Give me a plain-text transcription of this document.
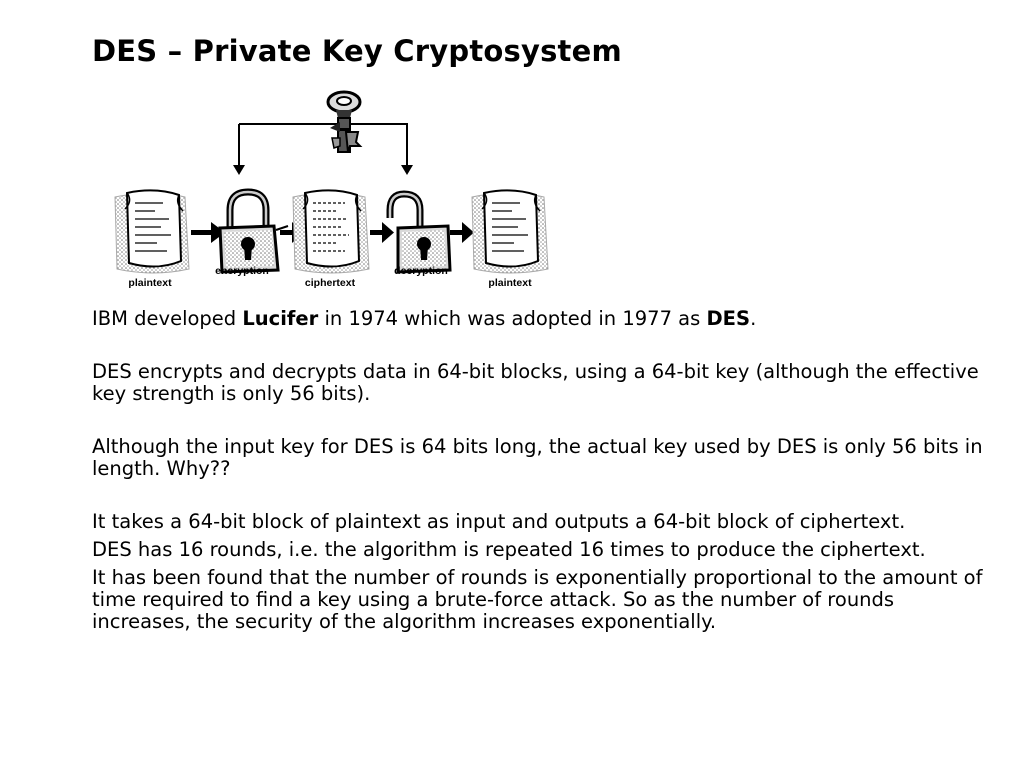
DES – Private Key Cryptosystem
plaintext
encryption
ciphertext
decryption
plaintext

IBM developed Lucifer in 1974 which was adopted in 1977 as DES.

DES encrypts and decrypts data in 64-bit blocks, using a 64-bit key (although the effective key strength is only 56 bits).

Although the input key for DES is 64 bits long, the actual key used by DES is only 56 bits in length. Why??

It takes a 64-bit block of plaintext as input and outputs a 64-bit block of ciphertext.

DES has 16 rounds, i.e. the algorithm is repeated 16 times to produce the ciphertext.

It has been found that the number of rounds is exponentially proportional to the amount of time required to find a key using a brute-force attack. So as the number of rounds increases, the security of the algorithm increases exponentially.
